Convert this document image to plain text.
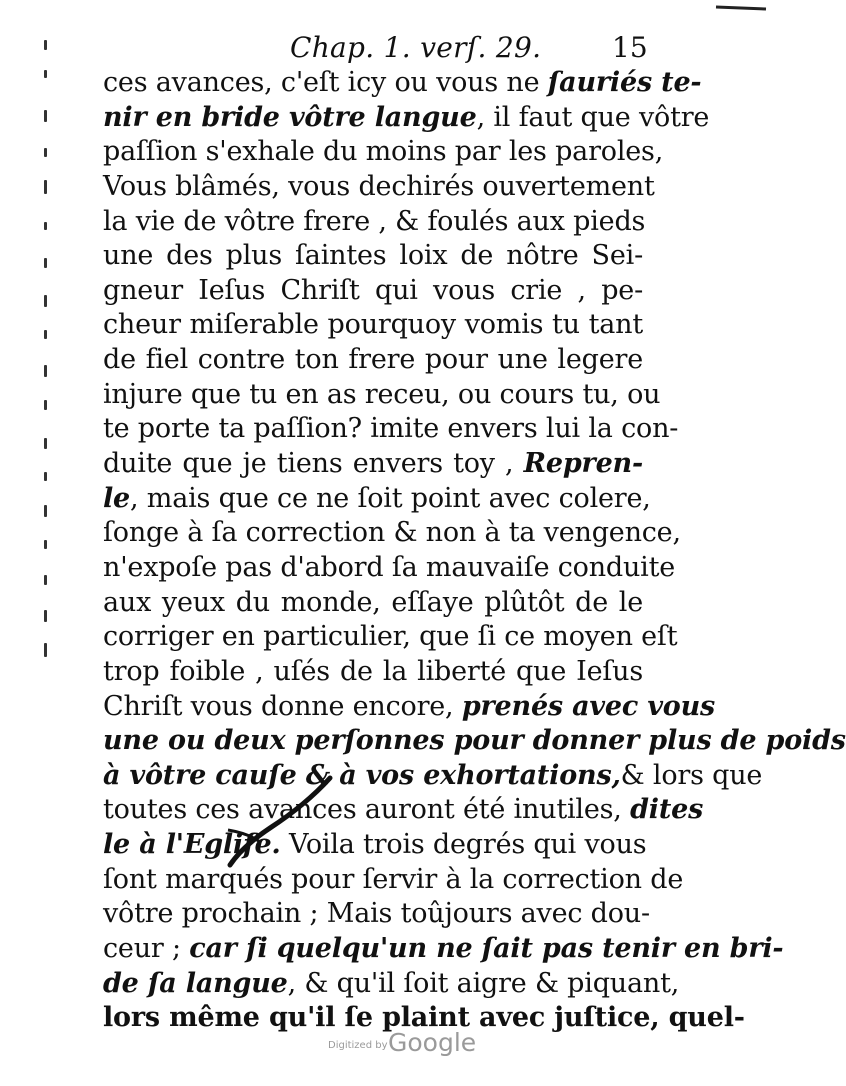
Chap. 1. verſ. 29.	15
ces avances, c'eſt icy ou vous ne ſauriés te-
nir en bride vôtre langue, il faut que vôtre
paſſion s'exhale du moins par les paroles,
Vous blâmés, vous dechirés ouvertement
la vie de vôtre frere , & foulés aux pieds
une des plus ſaintes loix de nôtre Sei-
gneur Ieſus Chriſt qui vous crie , pe-
cheur miſerable pourquoy vomis tu tant
de fiel contre ton frere pour une legere
injure que tu en as receu, ou cours tu, ou
te porte ta paſſion? imite envers lui la con-
duite que je tiens envers toy , Repren-
le, mais que ce ne ſoit point avec colere,
ſonge à ſa correction & non à ta vengence,
n'expoſe pas d'abord ſa mauvaiſe conduite
aux yeux du monde, eſſaye plûtôt de le
corriger en particulier, que ſi ce moyen eſt
trop foible , uſés de la liberté que Ieſus
Chriſt vous donne encore, prenés avec vous
une ou deux perſonnes pour donner plus de poids
à vôtre cauſe & à vos exhortations,& lors que
toutes ces avances auront été inutiles, dites
le à l'Egliſe. Voila trois degrés qui vous
ſont marqués pour ſervir à la correction de
vôtre prochain ; Mais toûjours avec dou-
ceur ; car ſi quelqu'un ne ſait pas tenir en bri-
de ſa langue, & qu'il ſoit aigre & piquant,
lors même qu'il ſe plaint avec juſtice, quel-
Digitized by Google
